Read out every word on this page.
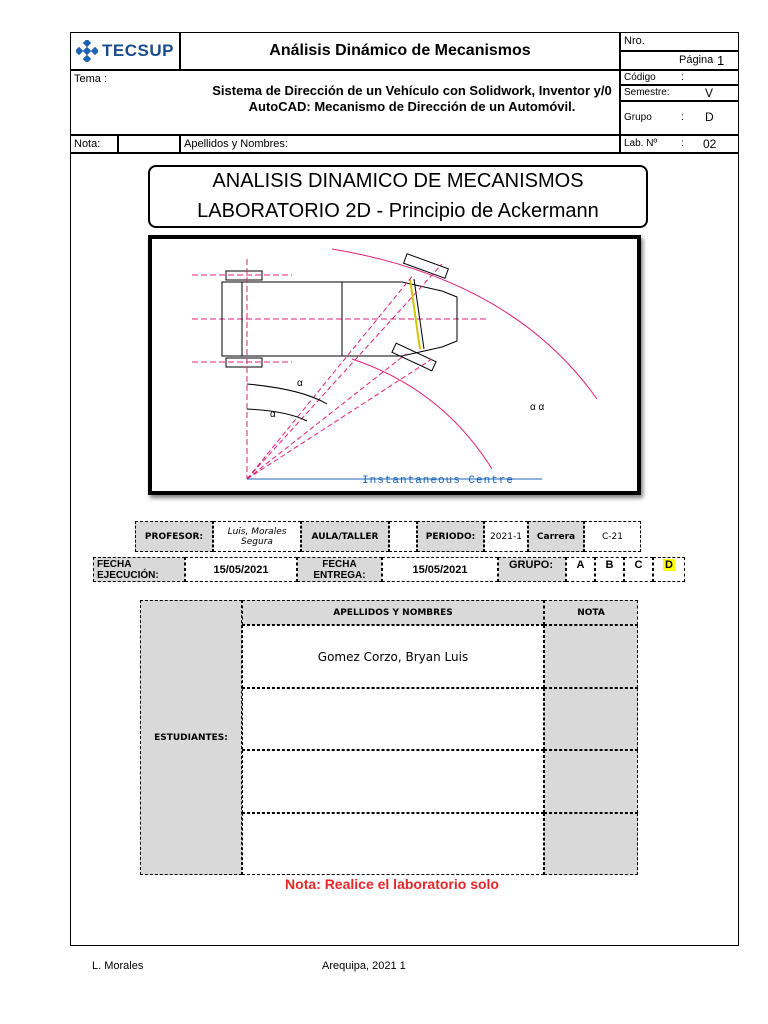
TECSUP	Análisis Dinámico de Mecanismos
Nro.
Página 1
Tema :
Sistema de Dirección de un Vehículo con Solidwork, Inventor y/0 AutoCAD: Mecanismo de Dirección de un Automóvil.
Código	:
Semestre:	V
Grupo	: D
Nota:	Apellidos y Nombres:	Lab. Nº : 02
ANALISIS DINAMICO DE MECANISMOS
LABORATORIO 2D - Principio de Ackermann
α
α
α α
Instantaneous Centre
PROFESOR:	Luis, Morales Segura	AULA/TALLER	PERIODO:	2021-1	Carrera	C-21
FECHA EJECUCIÓN:	15/05/2021	FECHA ENTREGA:	15/05/2021	GRUPO:	A	B	C	D
ESTUDIANTES:
APELLIDOS Y NOMBRES	NOTA
Gomez Corzo, Bryan Luis
Nota: Realice el laboratorio solo
L. Morales	Arequipa, 2021 1
